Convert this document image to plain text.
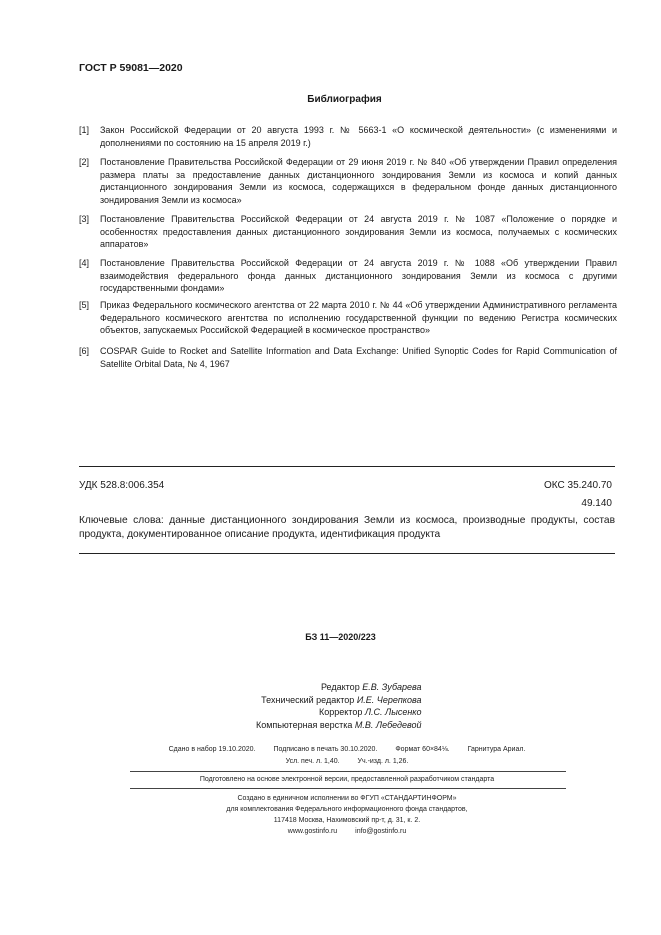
ГОСТ Р 59081—2020
Библиография
[1]	Закон Российской Федерации от 20 августа 1993 г. № 5663-1 «О космической деятельности» (с изменениями и дополнениями по состоянию на 15 апреля 2019 г.)
[2]	Постановление Правительства Российской Федерации от 29 июня 2019 г. № 840 «Об утверждении Правил определения размера платы за предоставление данных дистанционного зондирования Земли из космоса и копий данных дистанционного зондирования Земли из космоса, содержащихся в федеральном фонде данных дистанционного зондирования Земли из космоса»
[3]	Постановление Правительства Российской Федерации от 24 августа 2019 г. № 1087 «Положение о порядке и особенностях предоставления данных дистанционного зондирования Земли из космоса, получаемых с космических аппаратов»
[4]	Постановление Правительства Российской Федерации от 24 августа 2019 г. № 1088 «Об утверждении Правил взаимодействия федерального фонда данных дистанционного зондирования Земли из космоса с другими государственными фондами»
[5]	Приказ Федерального космического агентства от 22 марта 2010 г. № 44 «Об утверждении Административного регламента Федерального космического агентства по исполнению государственной функции по ведению Регистра космических объектов, запускаемых Российской Федерацией в космическое пространство»
[6]	COSPAR Guide to Rocket and Satellite Information and Data Exchange: Unified Synoptic Codes for Rapid Communication of Satellite Orbital Data, № 4, 1967
УДК 528.8:006.354	ОКС 35.240.70
49.140
Ключевые слова: данные дистанционного зондирования Земли из космоса, производные продукты, состав продукта, документированное описание продукта, идентификация продукта
БЗ 11—2020/223
Редактор Е.В. Зубарева
Технический редактор И.Е. Черепкова
Корректор Л.С. Лысенко
Компьютерная верстка М.В. Лебедевой
Сдано в набор 19.10.2020.	Подписано в печать 30.10.2020.	Формат 60×84⅛.	Гарнитура Ариал.
Усл. печ. л. 1,40.	Уч.-изд. л. 1,26.
Подготовлено на основе электронной версии, предоставленной разработчиком стандарта
Создано в единичном исполнении во ФГУП «СТАНДАРТИНФОРМ»
для комплектования Федерального информационного фонда стандартов,
117418 Москва, Нахимовский пр-т, д. 31, к. 2.
www.gostinfo.ru	info@gostinfo.ru
